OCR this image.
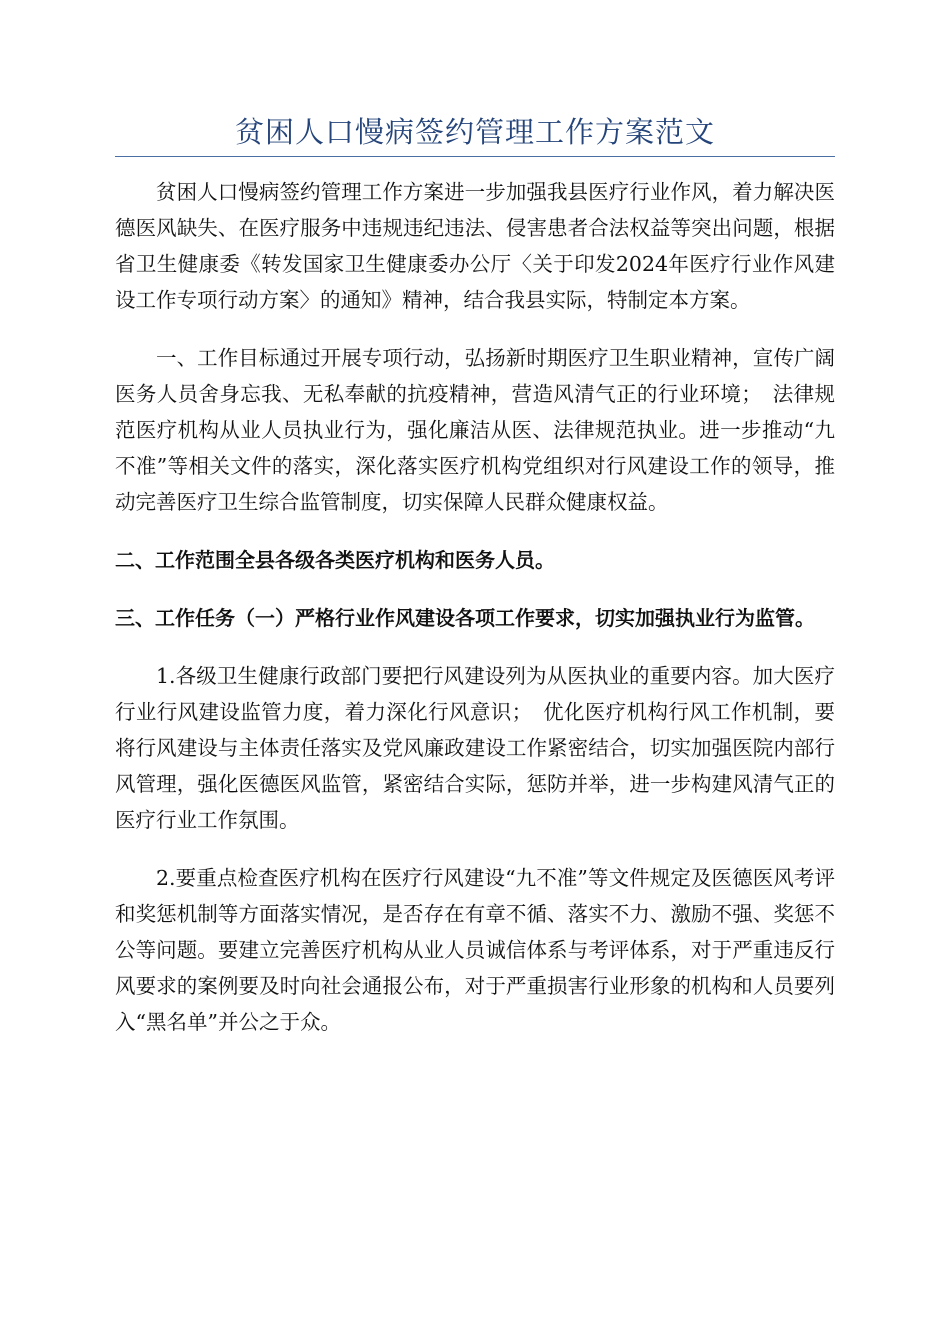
贫困人口慢病签约管理工作方案范文

贫困人口慢病签约管理工作方案进一步加强我县医疗行业作风，着力解决医德医风缺失、在医疗服务中违规违纪违法、侵害患者合法权益等突出问题，根据省卫生健康委《转发国家卫生健康委办公厅〈关于印发2024年医疗行业作风建设工作专项行动方案〉的通知》精神，结合我县实际，特制定本方案。

一、工作目标通过开展专项行动，弘扬新时期医疗卫生职业精神，宣传广阔医务人员舍身忘我、无私奉献的抗疫精神，营造风清气正的行业环境；　法律规范医疗机构从业人员执业行为，强化廉洁从医、法律规范执业。进一步推动“九不准”等相关文件的落实，深化落实医疗机构党组织对行风建设工作的领导，推动完善医疗卫生综合监管制度，切实保障人民群众健康权益。

二、工作范围全县各级各类医疗机构和医务人员。

三、工作任务（一）严格行业作风建设各项工作要求，切实加强执业行为监管。

1.各级卫生健康行政部门要把行风建设列为从医执业的重要内容。加大医疗行业行风建设监管力度，着力深化行风意识；　优化医疗机构行风工作机制，要将行风建设与主体责任落实及党风廉政建设工作紧密结合，切实加强医院内部行风管理，强化医德医风监管，紧密结合实际，惩防并举，进一步构建风清气正的医疗行业工作氛围。

2.要重点检查医疗机构在医疗行风建设“九不准”等文件规定及医德医风考评和奖惩机制等方面落实情况，是否存在有章不循、落实不力、激励不强、奖惩不公等问题。要建立完善医疗机构从业人员诚信体系与考评体系，对于严重违反行风要求的案例要及时向社会通报公布，对于严重损害行业形象的机构和人员要列入“黑名单”并公之于众。
